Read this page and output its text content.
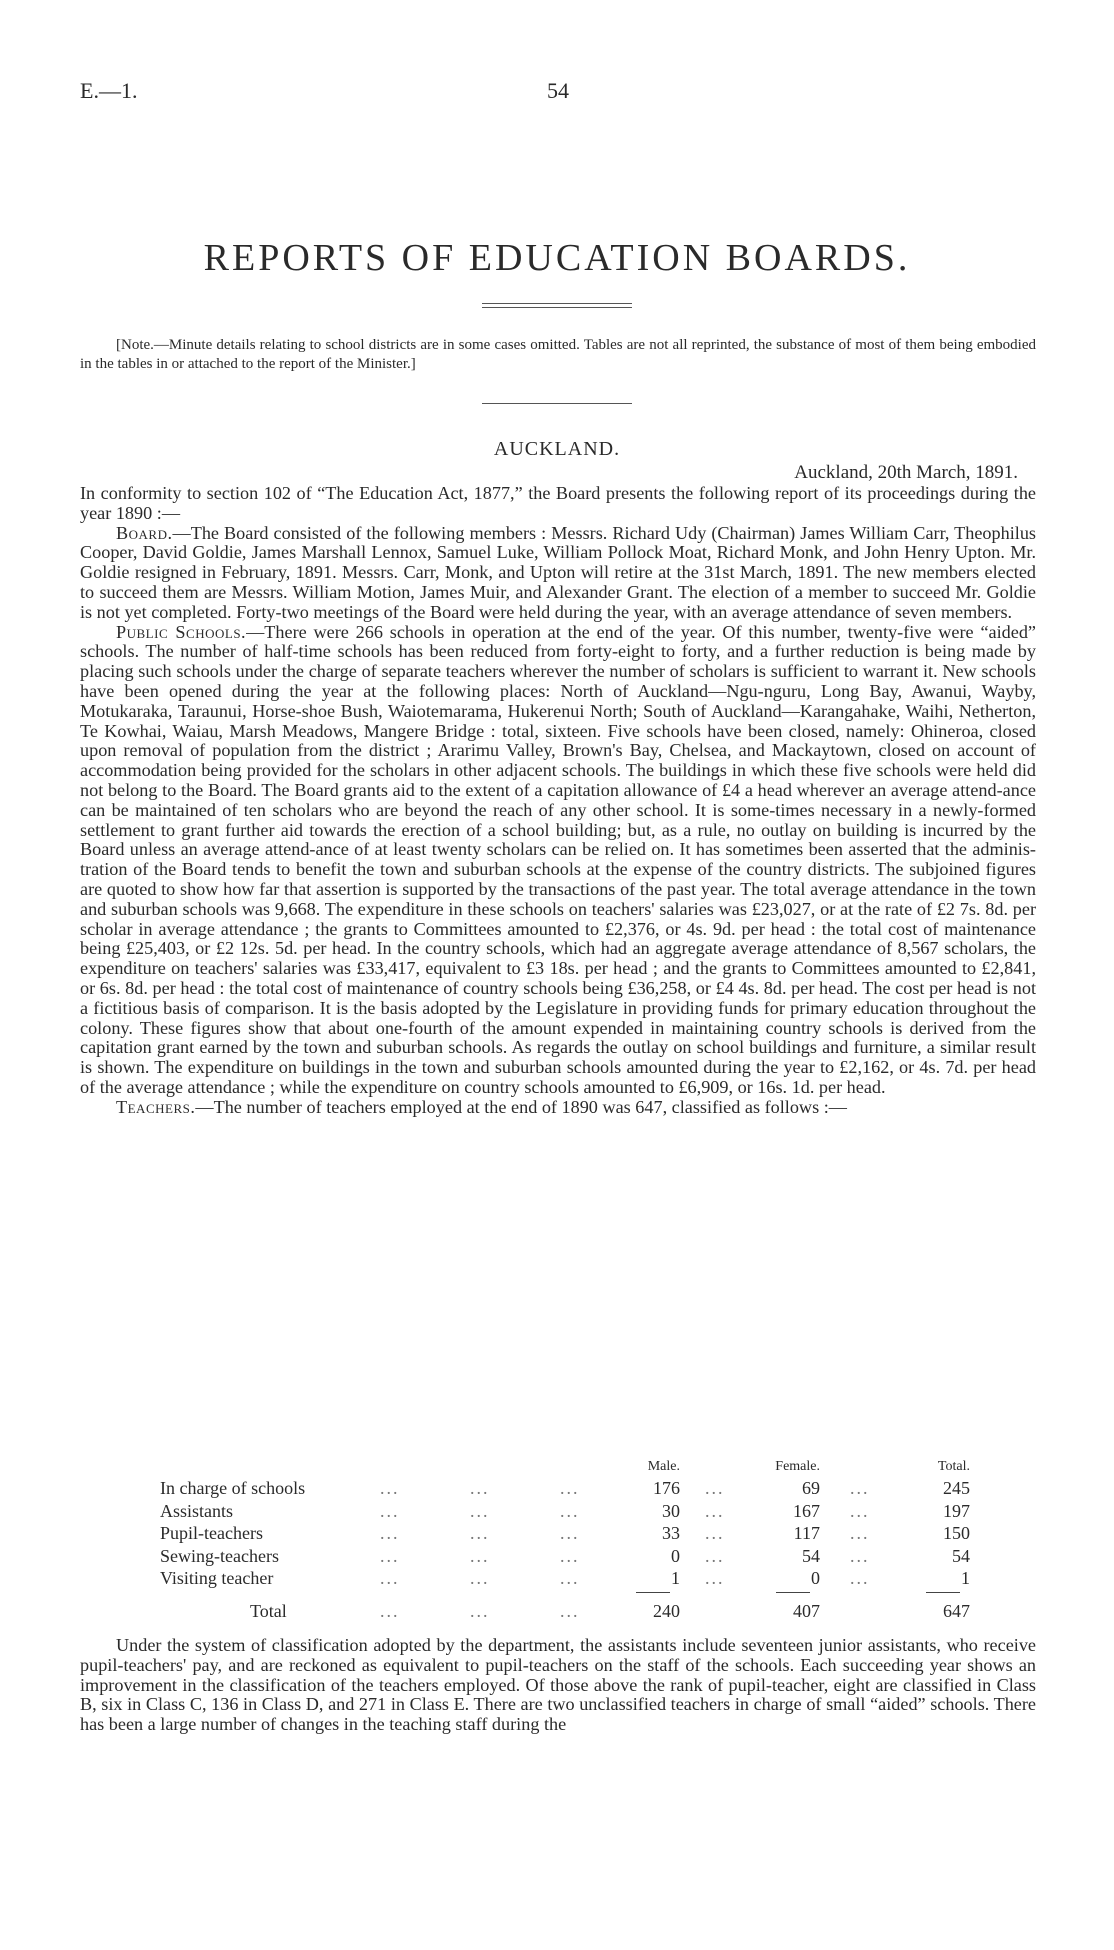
E.—1.	54
REPORTS OF EDUCATION BOARDS.
[Note.—Minute details relating to school districts are in some cases omitted. Tables are not all reprinted, the substance of most of them being embodied in the tables in or attached to the report of the Minister.]
AUCKLAND.
Auckland, 20th March, 1891.

In conformity to section 102 of “The Education Act, 1877,” the Board presents the following report of its proceedings during the year 1890 :—

Board.—The Board consisted of the following members : Messrs. Richard Udy (Chairman) James William Carr, Theophilus Cooper, David Goldie, James Marshall Lennox, Samuel Luke, William Pollock Moat, Richard Monk, and John Henry Upton. Mr. Goldie resigned in February, 1891. Messrs. Carr, Monk, and Upton will retire at the 31st March, 1891. The new members elected to succeed them are Messrs. William Motion, James Muir, and Alexander Grant. The election of a member to succeed Mr. Goldie is not yet completed. Forty-two meetings of the Board were held during the year, with an average attendance of seven members.

Public Schools.—There were 266 schools in operation at the end of the year. Of this number, twenty-five were “aided” schools. The number of half-time schools has been reduced from forty-eight to forty, and a further reduction is being made by placing such schools under the charge of separate teachers wherever the number of scholars is sufficient to warrant it. New schools have been opened during the year at the following places: North of Auckland—Ngu-nguru, Long Bay, Awanui, Wayby, Motukaraka, Taraunui, Horse-shoe Bush, Waiotemarama, Hukerenui North; South of Auckland—Karangahake, Waihi, Netherton, Te Kowhai, Waiau, Marsh Meadows, Mangere Bridge : total, sixteen. Five schools have been closed, namely: Ohineroa, closed upon removal of population from the district ; Ararimu Valley, Brown's Bay, Chelsea, and Mackaytown, closed on account of accommodation being provided for the scholars in other adjacent schools. The buildings in which these five schools were held did not belong to the Board. The Board grants aid to the extent of a capitation allowance of £4 a head wherever an average attend-ance can be maintained of ten scholars who are beyond the reach of any other school. It is some-times necessary in a newly-formed settlement to grant further aid towards the erection of a school building; but, as a rule, no outlay on building is incurred by the Board unless an average attend-ance of at least twenty scholars can be relied on. It has sometimes been asserted that the adminis-tration of the Board tends to benefit the town and suburban schools at the expense of the country districts. The subjoined figures are quoted to show how far that assertion is supported by the transactions of the past year. The total average attendance in the town and suburban schools was 9,668. The expenditure in these schools on teachers' salaries was £23,027, or at the rate of £2 7s. 8d. per scholar in average attendance ; the grants to Committees amounted to £2,376, or 4s. 9d. per head : the total cost of maintenance being £25,403, or £2 12s. 5d. per head. In the country schools, which had an aggregate average attendance of 8,567 scholars, the expenditure on teachers' salaries was £33,417, equivalent to £3 18s. per head ; and the grants to Committees amounted to £2,841, or 6s. 8d. per head : the total cost of maintenance of country schools being £36,258, or £4 4s. 8d. per head. The cost per head is not a fictitious basis of comparison. It is the basis adopted by the Legislature in providing funds for primary education throughout the colony. These figures show that about one-fourth of the amount expended in maintaining country schools is derived from the capitation grant earned by the town and suburban schools. As regards the outlay on school buildings and furniture, a similar result is shown. The expenditure on buildings in the town and suburban schools amounted during the year to £2,162, or 4s. 7d. per head of the average attendance ; while the expenditure on country schools amounted to £6,909, or 16s. 1d. per head.

Teachers.—The number of teachers employed at the end of 1890 was 647, classified as follows :—

Male.	Female.	Total.
In charge of schools	...	...	...	176 ...	69 ...	245
Assistants	...	...	...	30 ...	167 ...	197
Pupil-teachers	...	...	...	33 ...	117 ...	150
Sewing-teachers	...	...	...	0 ...	54 ...	54
Visiting teacher	...	...	...	1 ...	0 ...	1
Total	...	...	...	240	407	647

Under the system of classification adopted by the department, the assistants include seventeen junior assistants, who receive pupil-teachers' pay, and are reckoned as equivalent to pupil-teachers on the staff of the schools. Each succeeding year shows an improvement in the classification of the teachers employed. Of those above the rank of pupil-teacher, eight are classified in Class B, six in Class C, 136 in Class D, and 271 in Class E. There are two unclassified teachers in charge of small “aided” schools. There has been a large number of changes in the teaching staff during the
